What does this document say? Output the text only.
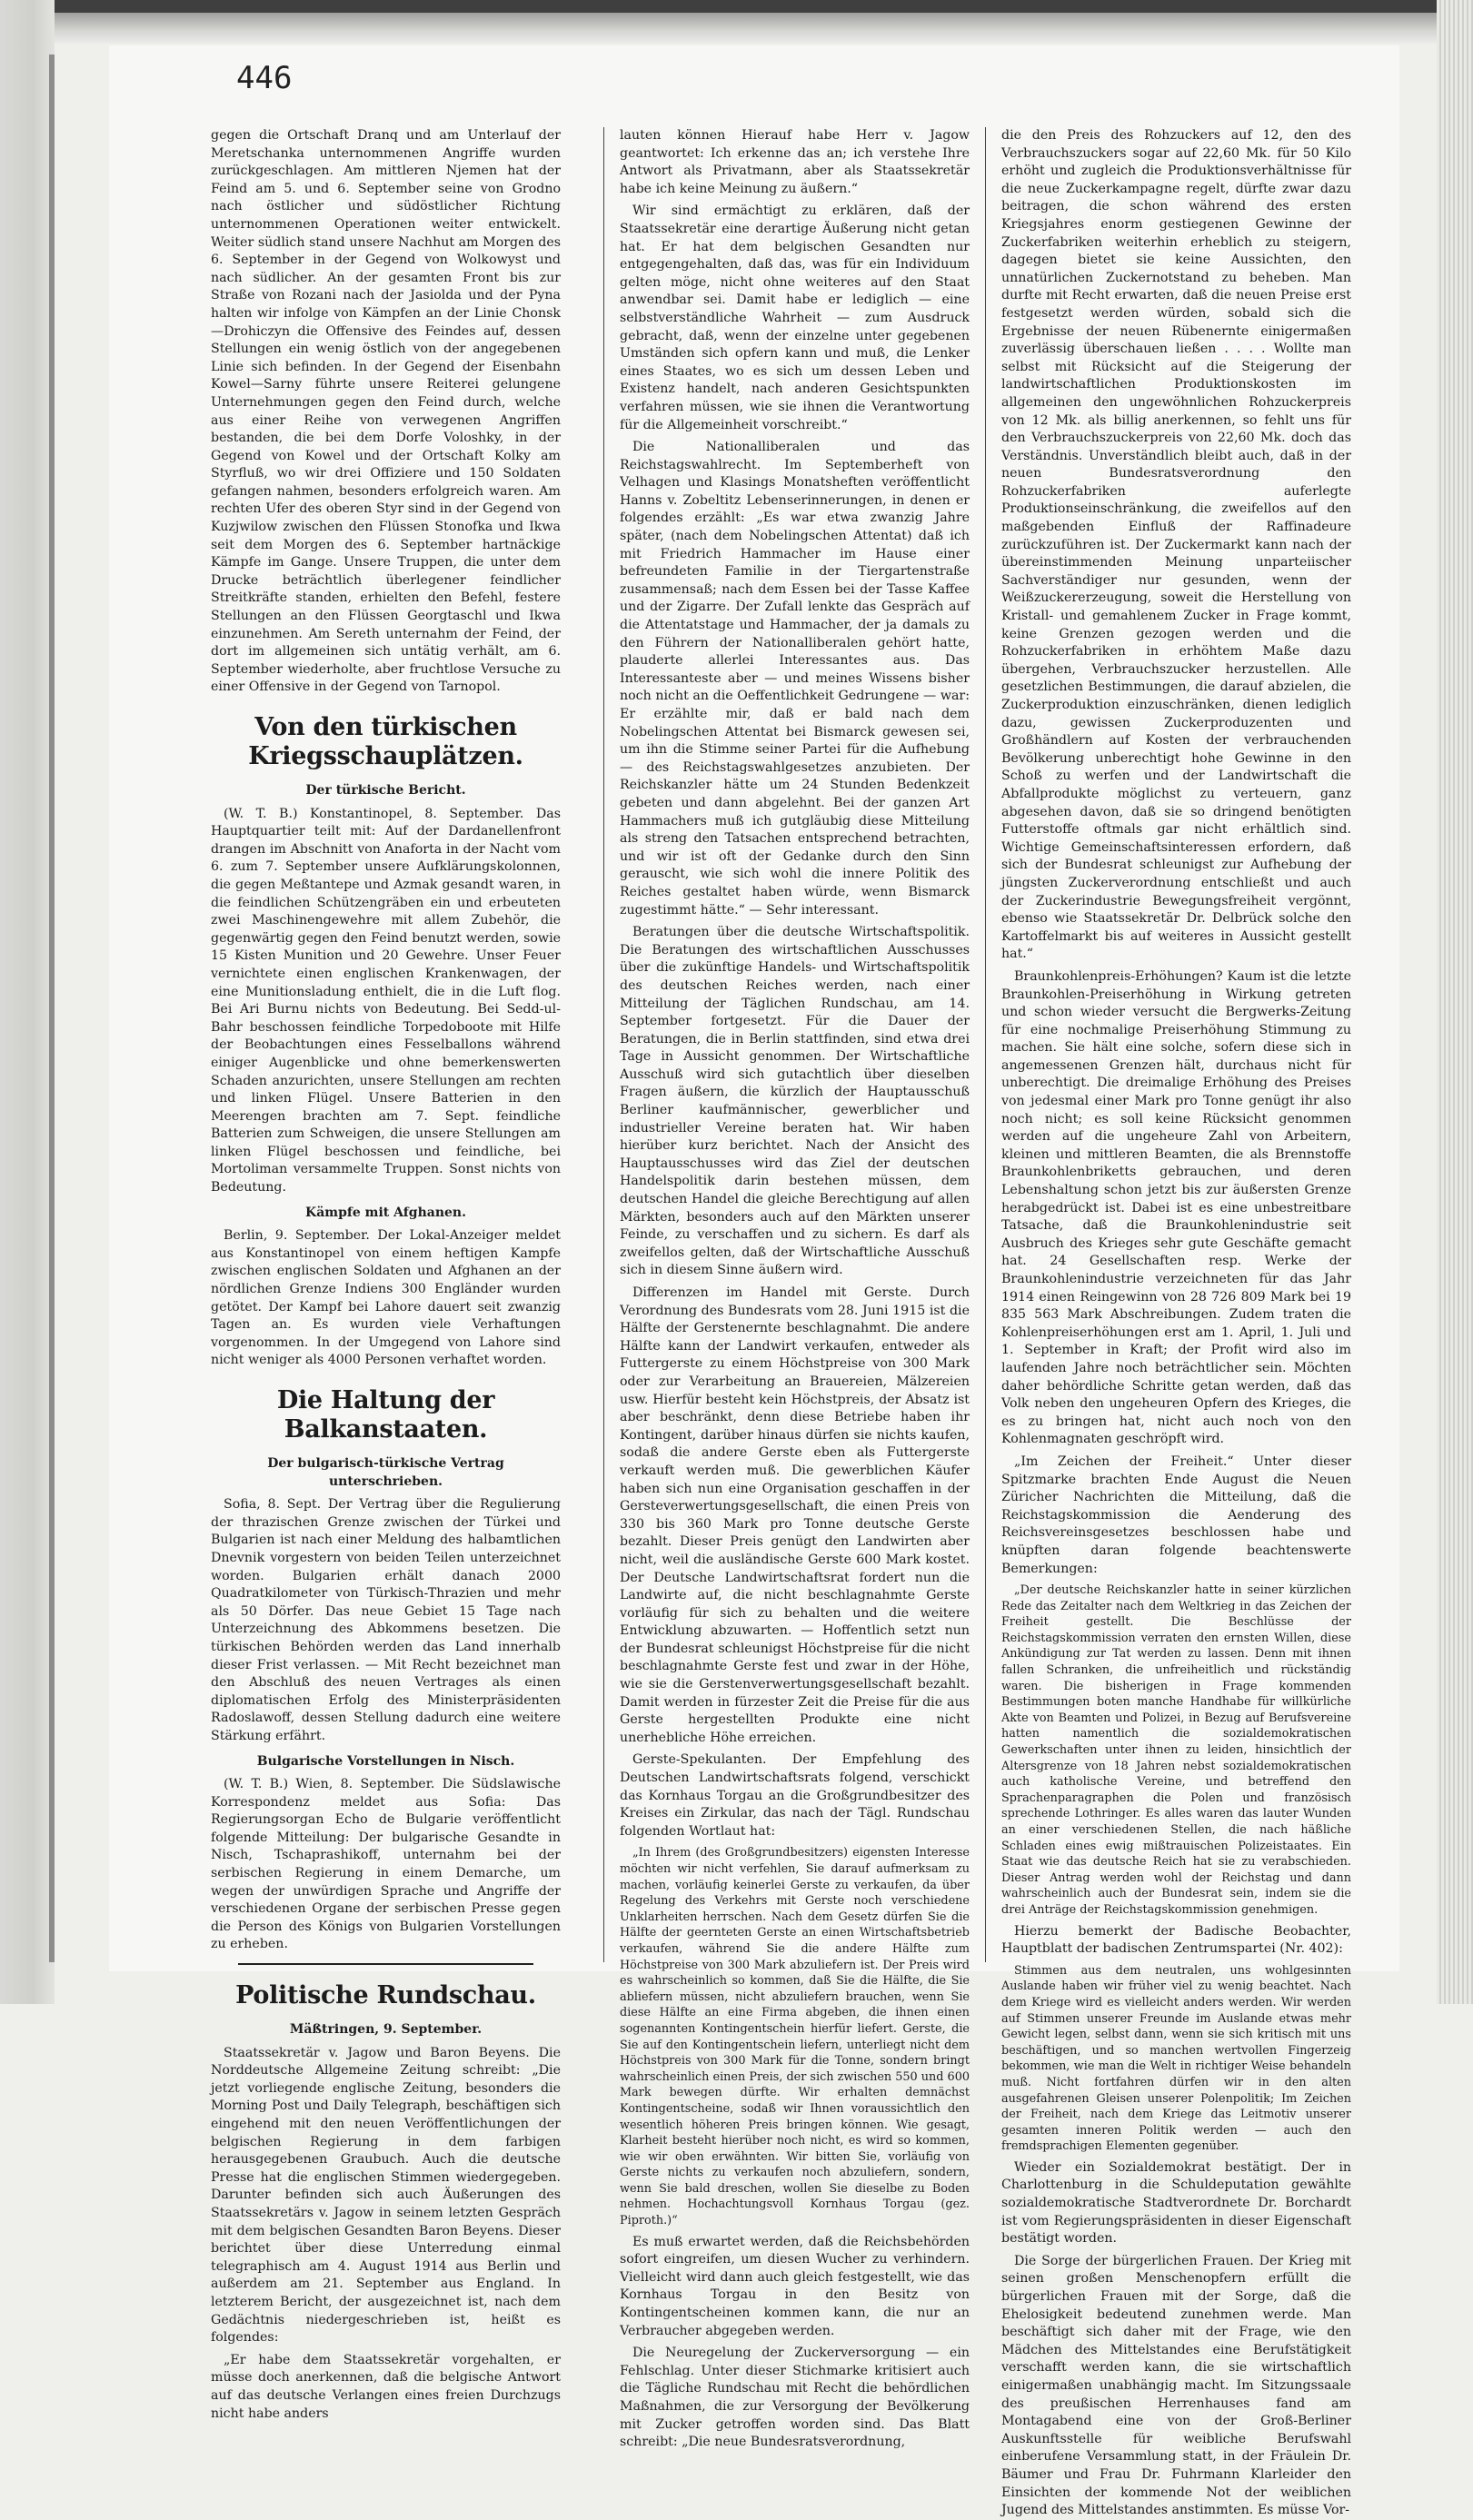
446

gegen die Ortschaft Dranq und am Unterlauf der Meretschanka unternommenen Angriffe wurden zurückgeschlagen. Am mittleren Njemen hat der Feind am 5. und 6. September seine von Grodno nach östlicher und südöstlicher Richtung unternommenen Operationen weiter entwickelt. Weiter südlich stand unsere Nachhut am Morgen des 6. September in der Gegend von Wolkowyst und nach südlicher. An der gesamten Front bis zur Straße von Rozani nach der Jasiolda und der Pyna halten wir infolge von Kämpfen an der Linie Chonsk—Drohiczyn die Offensive des Feindes auf, dessen Stellungen ein wenig östlich von der angegebenen Linie sich befinden. In der Gegend der Eisenbahn Kowel—Sarny führte unsere Reiterei gelungene Unternehmungen gegen den Feind durch, welche aus einer Reihe von verwegenen Angriffen bestanden, die bei dem Dorfe Voloshky, in der Gegend von Kowel und der Ortschaft Kolky am Styrfluß, wo wir drei Offiziere und 150 Soldaten gefangen nahmen, besonders erfolgreich waren. Am rechten Ufer des oberen Styr sind in der Gegend von Kuzjwilow zwischen den Flüssen Stonofka und Ikwa seit dem Morgen des 6. September hartnäckige Kämpfe im Gange. Unsere Truppen, die unter dem Drucke beträchtlich überlegener feindlicher Streitkräfte standen, erhielten den Befehl, festere Stellungen an den Flüssen Georgtaschl und Ikwa einzunehmen. Am Sereth unternahm der Feind, der dort im allgemeinen sich untätig verhält, am 6. September wiederholte, aber fruchtlose Versuche zu einer Offensive in der Gegend von Tarnopol.

Von den türkischen Kriegsschauplätzen.
Der türkische Bericht.

(W. T. B.) Konstantinopel, 8. September. Das Hauptquartier teilt mit: Auf der Dardanellenfront drangen im Abschnitt von Anaforta in der Nacht vom 6. zum 7. September unsere Aufklärungskolonnen, die gegen Meßtantepe und Azmak gesandt waren, in die feindlichen Schützengräben ein und erbeuteten zwei Maschinengewehre mit allem Zubehör, die gegenwärtig gegen den Feind benutzt werden, sowie 15 Kisten Munition und 20 Gewehre. Unser Feuer vernichtete einen englischen Krankenwagen, der eine Munitionsladung enthielt, die in die Luft flog. Bei Ari Burnu nichts von Bedeutung. Bei Sedd-ul-Bahr beschossen feindliche Torpedoboote mit Hilfe der Beobachtungen eines Fesselballons während einiger Augenblicke und ohne bemerkenswerten Schaden anzurichten, unsere Stellungen am rechten und linken Flügel. Unsere Batterien in den Meerengen brachten am 7. Sept. feindliche Batterien zum Schweigen, die unsere Stellungen am linken Flügel beschossen und feindliche, bei Mortoliman versammelte Truppen. Sonst nichts von Bedeutung.

Kämpfe mit Afghanen.

Berlin, 9. September. Der Lokal-Anzeiger meldet aus Konstantinopel von einem heftigen Kampfe zwischen englischen Soldaten und Afghanen an der nördlichen Grenze Indiens 300 Engländer wurden getötet. Der Kampf bei Lahore dauert seit zwanzig Tagen an. Es wurden viele Verhaftungen vorgenommen. In der Umgegend von Lahore sind nicht weniger als 4000 Personen verhaftet worden.

Die Haltung der Balkanstaaten.
Der bulgarisch-türkische Vertrag unterschrieben.

Sofia, 8. Sept. Der Vertrag über die Regulierung der thrazischen Grenze zwischen der Türkei und Bulgarien ist nach einer Meldung des halbamtlichen Dnevnik vorgestern von beiden Teilen unterzeichnet worden. Bulgarien erhält danach 2000 Quadratkilometer von Türkisch-Thrazien und mehr als 50 Dörfer. Das neue Gebiet 15 Tage nach Unterzeichnung des Abkommens besetzen. Die türkischen Behörden werden das Land innerhalb dieser Frist verlassen. — Mit Recht bezeichnet man den Abschluß des neuen Vertrages als einen diplomatischen Erfolg des Ministerpräsidenten Radoslawoff, dessen Stellung dadurch eine weitere Stärkung erfährt.

Bulgarische Vorstellungen in Nisch.

(W. T. B.) Wien, 8. September. Die Südslawische Korrespondenz meldet aus Sofia: Das Regierungsorgan Echo de Bulgarie veröffentlicht folgende Mitteilung: Der bulgarische Gesandte in Nisch, Tschaprashikoff, unternahm bei der serbischen Regierung in einem Demarche, um wegen der unwürdigen Sprache und Angriffe der verschiedenen Organe der serbischen Presse gegen die Person des Königs von Bulgarien Vorstellungen zu erheben.

Politische Rundschau.
Mäßtringen, 9. September.

Staatssekretär v. Jagow und Baron Beyens. Die Norddeutsche Allgemeine Zeitung schreibt: „Die jetzt vorliegende englische Zeitung, besonders die Morning Post und Daily Telegraph, beschäftigen sich eingehend mit den neuen Veröffentlichungen der belgischen Regierung in dem farbigen herausgegebenen Graubuch. Auch die deutsche Presse hat die englischen Stimmen wiedergegeben. Darunter befinden sich auch Äußerungen des Staatssekretärs v. Jagow in seinem letzten Gespräch mit dem belgischen Gesandten Baron Beyens. Dieser berichtet über diese Unterredung einmal telegraphisch am 4. August 1914 aus Berlin und außerdem am 21. September aus England. In letzterem Bericht, der ausgezeichnet ist, nach dem Gedächtnis niedergeschrieben ist, heißt es folgendes:

„Er habe dem Staatssekretär vorgehalten, er müsse doch anerkennen, daß die belgische Antwort auf das deutsche Verlangen eines freien Durchzugs nicht habe anders

lauten können Hierauf habe Herr v. Jagow geantwortet: Ich erkenne das an; ich verstehe Ihre Antwort als Privatmann, aber als Staatssekretär habe ich keine Meinung zu äußern.“

Wir sind ermächtigt zu erklären, daß der Staatssekretär eine derartige Äußerung nicht getan hat. Er hat dem belgischen Gesandten nur entgegengehalten, daß das, was für ein Individuum gelten möge, nicht ohne weiteres auf den Staat anwendbar sei. Damit habe er lediglich — eine selbstverständliche Wahrheit — zum Ausdruck gebracht, daß, wenn der einzelne unter gegebenen Umständen sich opfern kann und muß, die Lenker eines Staates, wo es sich um dessen Leben und Existenz handelt, nach anderen Gesichtspunkten verfahren müssen, wie sie ihnen die Verantwortung für die Allgemeinheit vorschreibt.“

Die Nationalliberalen und das Reichstagswahlrecht. Im Septemberheft von Velhagen und Klasings Monatsheften veröffentlicht Hanns v. Zobeltitz Lebenserinnerungen, in denen er folgendes erzählt: „Es war etwa zwanzig Jahre später, (nach dem Nobelingschen Attentat) daß ich mit Friedrich Hammacher im Hause einer befreundeten Familie in der Tiergartenstraße zusammensaß; nach dem Essen bei der Tasse Kaffee und der Zigarre. Der Zufall lenkte das Gespräch auf die Attentatstage und Hammacher, der ja damals zu den Führern der Nationalliberalen gehört hatte, plauderte allerlei Interessantes aus. Das Interessanteste aber — und meines Wissens bisher noch nicht an die Oeffentlichkeit Gedrungene — war: Er erzählte mir, daß er bald nach dem Nobelingschen Attentat bei Bismarck gewesen sei, um ihn die Stimme seiner Partei für die Aufhebung — des Reichstagswahlgesetzes anzubieten. Der Reichskanzler hätte um 24 Stunden Bedenkzeit gebeten und dann abgelehnt. Bei der ganzen Art Hammachers muß ich gutgläubig diese Mitteilung als streng den Tatsachen entsprechend betrachten, und wir ist oft der Gedanke durch den Sinn gerauscht, wie sich wohl die innere Politik des Reiches gestaltet haben würde, wenn Bismarck zugestimmt hätte.“ — Sehr interessant.

Beratungen über die deutsche Wirtschaftspolitik. Die Beratungen des wirtschaftlichen Ausschusses über die zukünftige Handels- und Wirtschaftspolitik des deutschen Reiches werden, nach einer Mitteilung der Täglichen Rundschau, am 14. September fortgesetzt. Für die Dauer der Beratungen, die in Berlin stattfinden, sind etwa drei Tage in Aussicht genommen. Der Wirtschaftliche Ausschuß wird sich gutachtlich über dieselben Fragen äußern, die kürzlich der Hauptausschuß Berliner kaufmännischer, gewerblicher und industrieller Vereine beraten hat. Wir haben hierüber kurz berichtet. Nach der Ansicht des Hauptausschusses wird das Ziel der deutschen Handelspolitik darin bestehen müssen, dem deutschen Handel die gleiche Berechtigung auf allen Märkten, besonders auch auf den Märkten unserer Feinde, zu verschaffen und zu sichern. Es darf als zweifellos gelten, daß der Wirtschaftliche Ausschuß sich in diesem Sinne äußern wird.

Differenzen im Handel mit Gerste. Durch Verordnung des Bundesrats vom 28. Juni 1915 ist die Hälfte der Gerstenernte beschlagnahmt. Die andere Hälfte kann der Landwirt verkaufen, entweder als Futtergerste zu einem Höchstpreise von 300 Mark oder zur Verarbeitung an Brauereien, Mälzereien usw. Hierfür besteht kein Höchstpreis, der Absatz ist aber beschränkt, denn diese Betriebe haben ihr Kontingent, darüber hinaus dürfen sie nichts kaufen, sodaß die andere Gerste eben als Futtergerste verkauft werden muß. Die gewerblichen Käufer haben sich nun eine Organisation geschaffen in der Gersteverwertungsgesellschaft, die einen Preis von 330 bis 360 Mark pro Tonne deutsche Gerste bezahlt. Dieser Preis genügt den Landwirten aber nicht, weil die ausländische Gerste 600 Mark kostet. Der Deutsche Landwirtschaftsrat fordert nun die Landwirte auf, die nicht beschlagnahmte Gerste vorläufig für sich zu behalten und die weitere Entwicklung abzuwarten. — Hoffentlich setzt nun der Bundesrat schleunigst Höchstpreise für die nicht beschlagnahmte Gerste fest und zwar in der Höhe, wie sie die Gerstenverwertungsgesellschaft bezahlt. Damit werden in fürzester Zeit die Preise für die aus Gerste hergestellten Produkte eine nicht unerhebliche Höhe erreichen.

Gerste-Spekulanten. Der Empfehlung des Deutschen Landwirtschaftsrats folgend, verschickt das Kornhaus Torgau an die Großgrundbesitzer des Kreises ein Zirkular, das nach der Tägl. Rundschau folgenden Wortlaut hat:

„In Ihrem (des Großgrundbesitzers) eigensten Interesse möchten wir nicht verfehlen, Sie darauf aufmerksam zu machen, vorläufig keinerlei Gerste zu verkaufen, da über Regelung des Verkehrs mit Gerste noch verschiedene Unklarheiten herrschen. Nach dem Gesetz dürfen Sie die Hälfte der geernteten Gerste an einen Wirtschaftsbetrieb verkaufen, während Sie die andere Hälfte zum Höchstpreise von 300 Mark abzuliefern ist. Der Preis wird es wahrscheinlich so kommen, daß Sie die Hälfte, die Sie abliefern müssen, nicht abzuliefern brauchen, wenn Sie diese Hälfte an eine Firma abgeben, die ihnen einen sogenannten Kontingentschein hierfür liefert. Gerste, die Sie auf den Kontingentschein liefern, unterliegt nicht dem Höchstpreis von 300 Mark für die Tonne, sondern bringt wahrscheinlich einen Preis, der sich zwischen 550 und 600 Mark bewegen dürfte. Wir erhalten demnächst Kontingentscheine, sodaß wir Ihnen voraussichtlich den wesentlich höheren Preis bringen können. Wie gesagt, Klarheit besteht hierüber noch nicht, es wird so kommen, wie wir oben erwähnten. Wir bitten Sie, vorläufig von Gerste nichts zu verkaufen noch abzuliefern, sondern, wenn Sie bald dreschen, wollen Sie dieselbe zu Boden nehmen. Hochachtungsvoll Kornhaus Torgau (gez. Piproth.)“

Es muß erwartet werden, daß die Reichsbehörden sofort eingreifen, um diesen Wucher zu verhindern. Vielleicht wird dann auch gleich festgestellt, wie das Kornhaus Torgau in den Besitz von Kontingentscheinen kommen kann, die nur an Verbraucher abgegeben werden.

Die Neuregelung der Zuckerversorgung — ein Fehlschlag. Unter dieser Stichmarke kritisiert auch die Tägliche Rundschau mit Recht die behördlichen Maßnahmen, die zur Versorgung der Bevölkerung mit Zucker getroffen worden sind. Das Blatt schreibt: „Die neue Bundesratsverordnung,

die den Preis des Rohzuckers auf 12, den des Verbrauchszuckers sogar auf 22,60 Mk. für 50 Kilo erhöht und zugleich die Produktionsverhältnisse für die neue Zuckerkampagne regelt, dürfte zwar dazu beitragen, die schon während des ersten Kriegsjahres enorm gestiegenen Gewinne der Zuckerfabriken weiterhin erheblich zu steigern, dagegen bietet sie keine Aussichten, den unnatürlichen Zuckernotstand zu beheben. Man durfte mit Recht erwarten, daß die neuen Preise erst festgesetzt werden würden, sobald sich die Ergebnisse der neuen Rübenernte einigermaßen zuverlässig überschauen ließen . . . . Wollte man selbst mit Rücksicht auf die Steigerung der landwirtschaftlichen Produktionskosten im allgemeinen den ungewöhnlichen Rohzuckerpreis von 12 Mk. als billig anerkennen, so fehlt uns für den Verbrauchszuckerpreis von 22,60 Mk. doch das Verständnis. Unverständlich bleibt auch, daß in der neuen Bundesratsverordnung den Rohzuckerfabriken auferlegte Produktionseinschränkung, die zweifellos auf den maßgebenden Einfluß der Raffinadeure zurückzuführen ist. Der Zuckermarkt kann nach der übereinstimmenden Meinung unparteiischer Sachverständiger nur gesunden, wenn der Weißzuckererzeugung, soweit die Herstellung von Kristall- und gemahlenem Zucker in Frage kommt, keine Grenzen gezogen werden und die Rohzuckerfabriken in erhöhtem Maße dazu übergehen, Verbrauchszucker herzustellen. Alle gesetzlichen Bestimmungen, die darauf abzielen, die Zuckerproduktion einzuschränken, dienen lediglich dazu, gewissen Zuckerproduzenten und Großhändlern auf Kosten der verbrauchenden Bevölkerung unberechtigt hohe Gewinne in den Schoß zu werfen und der Landwirtschaft die Abfallprodukte möglichst zu verteuern, ganz abgesehen davon, daß sie so dringend benötigten Futterstoffe oftmals gar nicht erhältlich sind. Wichtige Gemeinschaftsinteressen erfordern, daß sich der Bundesrat schleunigst zur Aufhebung der jüngsten Zuckerverordnung entschließt und auch der Zuckerindustrie Bewegungsfreiheit vergönnt, ebenso wie Staatssekretär Dr. Delbrück solche den Kartoffelmarkt bis auf weiteres in Aussicht gestellt hat.“

Braunkohlenpreis-Erhöhungen? Kaum ist die letzte Braunkohlen-Preiserhöhung in Wirkung getreten und schon wieder versucht die Bergwerks-Zeitung für eine nochmalige Preiserhöhung Stimmung zu machen. Sie hält eine solche, sofern diese sich in angemessenen Grenzen hält, durchaus nicht für unberechtigt. Die dreimalige Erhöhung des Preises von jedesmal einer Mark pro Tonne genügt ihr also noch nicht; es soll keine Rücksicht genommen werden auf die ungeheure Zahl von Arbeitern, kleinen und mittleren Beamten, die als Brennstoffe Braunkohlenbriketts gebrauchen, und deren Lebenshaltung schon jetzt bis zur äußersten Grenze herabgedrückt ist. Dabei ist es eine unbestreitbare Tatsache, daß die Braunkohlenindustrie seit Ausbruch des Krieges sehr gute Geschäfte gemacht hat. 24 Gesellschaften resp. Werke der Braunkohlenindustrie verzeichneten für das Jahr 1914 einen Reingewinn von 28 726 809 Mark bei 19 835 563 Mark Abschreibungen. Zudem traten die Kohlenpreiserhöhungen erst am 1. April, 1. Juli und 1. September in Kraft; der Profit wird also im laufenden Jahre noch beträchtlicher sein. Möchten daher behördliche Schritte getan werden, daß das Volk neben den ungeheuren Opfern des Krieges, die es zu bringen hat, nicht auch noch von den Kohlenmagnaten geschröpft wird.

„Im Zeichen der Freiheit.“ Unter dieser Spitzmarke brachten Ende August die Neuen Züricher Nachrichten die Mitteilung, daß die Reichstagskommission die Aenderung des Reichsvereinsgesetzes beschlossen habe und knüpften daran folgende beachtenswerte Bemerkungen:

„Der deutsche Reichskanzler hatte in seiner kürzlichen Rede das Zeitalter nach dem Weltkrieg in das Zeichen der Freiheit gestellt. Die Beschlüsse der Reichstagskommission verraten den ernsten Willen, diese Ankündigung zur Tat werden zu lassen. Denn mit ihnen fallen Schranken, die unfreiheitlich und rückständig waren. Die bisherigen in Frage kommenden Bestimmungen boten manche Handhabe für willkürliche Akte von Beamten und Polizei, in Bezug auf Berufsvereine hatten namentlich die sozialdemokratischen Gewerkschaften unter ihnen zu leiden, hinsichtlich der Altersgrenze von 18 Jahren nebst sozialdemokratischen auch katholische Vereine, und betreffend den Sprachenparagraphen die Polen und französisch sprechende Lothringer. Es alles waren das lauter Wunden an einer verschiedenen Stellen, die nach häßliche Schladen eines ewig mißtrauischen Polizeistaates. Ein Staat wie das deutsche Reich hat sie zu verabschieden. Dieser Antrag werden wohl der Reichstag und dann wahrscheinlich auch der Bundesrat sein, indem sie die drei Anträge der Reichstagskommission genehmigen.

Hierzu bemerkt der Badische Beobachter, Hauptblatt der badischen Zentrumspartei (Nr. 402):

Stimmen aus dem neutralen, uns wohlgesinnten Auslande haben wir früher viel zu wenig beachtet. Nach dem Kriege wird es vielleicht anders werden. Wir werden auf Stimmen unserer Freunde im Auslande etwas mehr Gewicht legen, selbst dann, wenn sie sich kritisch mit uns beschäftigen, und so manchen wertvollen Fingerzeig bekommen, wie man die Welt in richtiger Weise behandeln muß. Nicht fortfahren dürfen wir in den alten ausgefahrenen Gleisen unserer Polenpolitik; Im Zeichen der Freiheit, nach dem Kriege das Leitmotiv unserer gesamten inneren Politik werden — auch den fremdsprachigen Elementen gegenüber.

Wieder ein Sozialdemokrat bestätigt. Der in Charlottenburg in die Schuldeputation gewählte sozialdemokratische Stadtverordnete Dr. Borchardt ist vom Regierungspräsidenten in dieser Eigenschaft bestätigt worden.

Die Sorge der bürgerlichen Frauen. Der Krieg mit seinen großen Menschenopfern erfüllt die bürgerlichen Frauen mit der Sorge, daß die Ehelosigkeit bedeutend zunehmen werde. Man beschäftigt sich daher mit der Frage, wie den Mädchen des Mittelstandes eine Berufstätigkeit verschafft werden kann, die sie wirtschaftlich einigermaßen unabhängig macht. Im Sitzungssaale des preußischen Herrenhauses fand am Montagabend eine von der Groß-Berliner Auskunftsstelle für weibliche Berufswahl einberufene Versammlung statt, in der Fräulein Dr. Bäumer und Frau Dr. Fuhrmann Klarleider den Einsichten der kommende Not der weiblichen Jugend des Mittelstandes anstimmten. Es müsse Vor-
